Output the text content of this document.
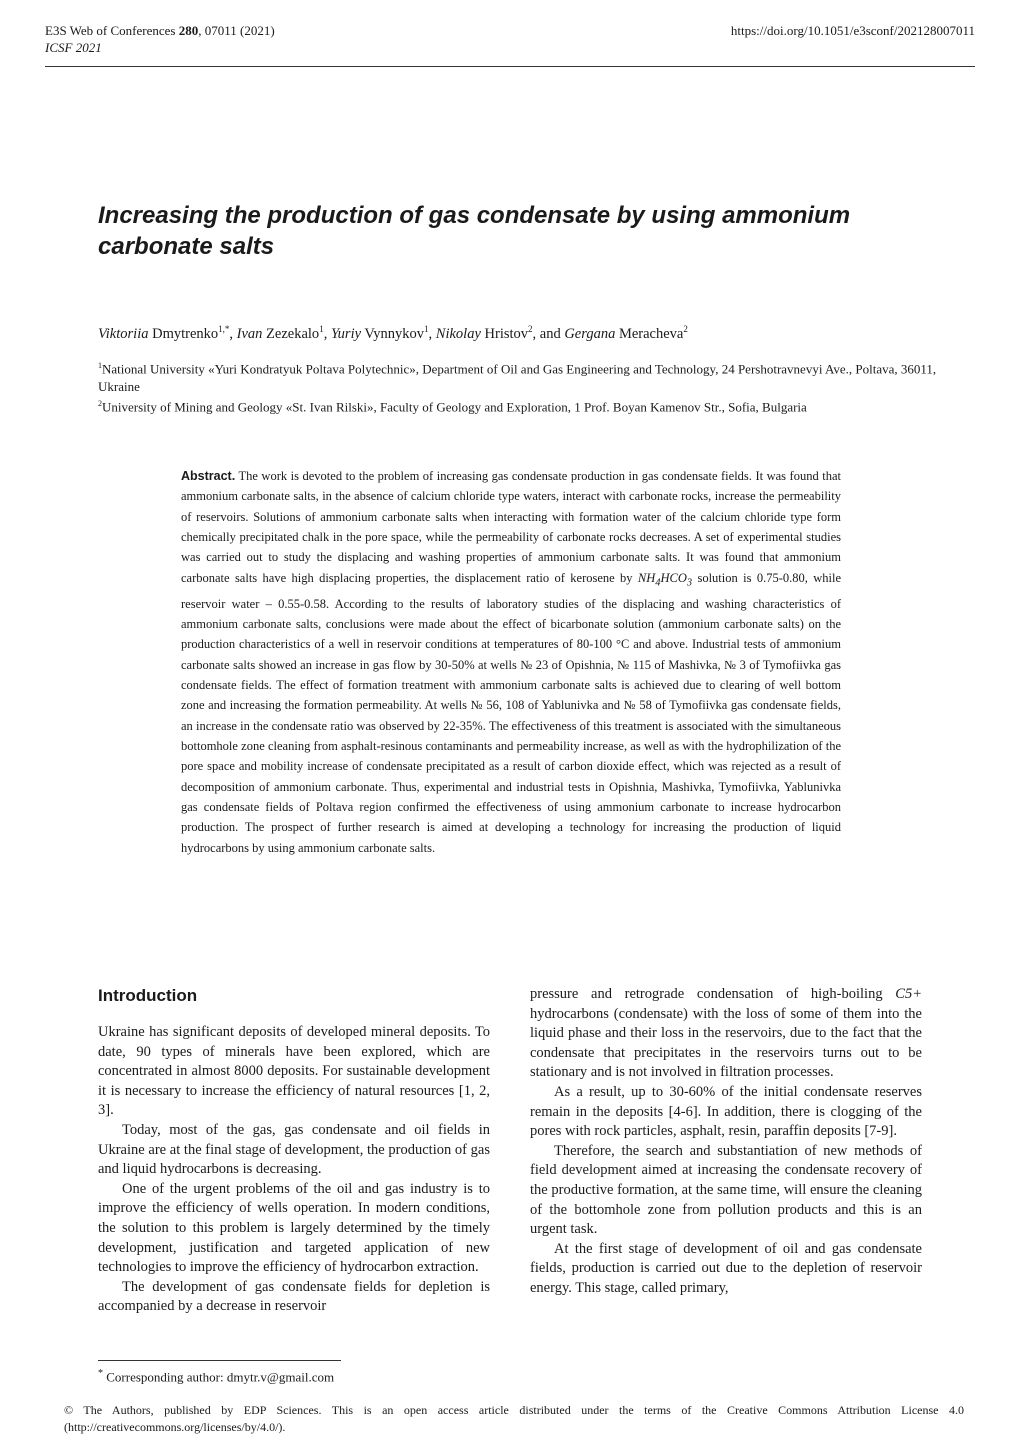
E3S Web of Conferences 280, 07011 (2021)	https://doi.org/10.1051/e3sconf/202128007011
ICSF 2021
Increasing the production of gas condensate by using ammonium carbonate salts
Viktoriia Dmytrenko$^{1,*}$, Ivan Zezekalo$^1$, Yuriy Vynnykov$^1$, Nikolay Hristov$^2$, and Gergana Meracheva$^2$
$^1$National University «Yuri Kondratyuk Poltava Polytechnic», Department of Oil and Gas Engineering and Technology, 24 Pershotravnevyi Ave., Poltava, 36011, Ukraine
$^2$University of Mining and Geology «St. Ivan Rilski», Faculty of Geology and Exploration, 1 Prof. Boyan Kamenov Str., Sofia, Bulgaria
Abstract. The work is devoted to the problem of increasing gas condensate production in gas condensate fields. It was found that ammonium carbonate salts, in the absence of calcium chloride type waters, interact with carbonate rocks, increase the permeability of reservoirs. Solutions of ammonium carbonate salts when interacting with formation water of the calcium chloride type form chemically precipitated chalk in the pore space, while the permeability of carbonate rocks decreases. A set of experimental studies was carried out to study the displacing and washing properties of ammonium carbonate salts. It was found that ammonium carbonate salts have high displacing properties, the displacement ratio of kerosene by $NH_4HCO_3$ solution is 0.75-0.80, while reservoir water – 0.55-0.58. According to the results of laboratory studies of the displacing and washing characteristics of ammonium carbonate salts, conclusions were made about the effect of bicarbonate solution (ammonium carbonate salts) on the production characteristics of a well in reservoir conditions at temperatures of 80-100 °C and above. Industrial tests of ammonium carbonate salts showed an increase in gas flow by 30-50% at wells № 23 of Opishnia, № 115 of Mashivka, № 3 of Tymofiivka gas condensate fields. The effect of formation treatment with ammonium carbonate salts is achieved due to clearing of well bottom zone and increasing the formation permeability. At wells № 56, 108 of Yablunivka and № 58 of Tymofiivka gas condensate fields, an increase in the condensate ratio was observed by 22-35%. The effectiveness of this treatment is associated with the simultaneous bottomhole zone cleaning from asphalt-resinous contaminants and permeability increase, as well as with the hydrophilization of the pore space and mobility increase of condensate precipitated as a result of carbon dioxide effect, which was rejected as a result of decomposition of ammonium carbonate. Thus, experimental and industrial tests in Opishnia, Mashivka, Tymofiivka, Yablunivka gas condensate fields of Poltava region confirmed the effectiveness of using ammonium carbonate to increase hydrocarbon production. The prospect of further research is aimed at developing a technology for increasing the production of liquid hydrocarbons by using ammonium carbonate salts.
Introduction

Ukraine has significant deposits of developed mineral deposits. To date, 90 types of minerals have been explored, which are concentrated in almost 8000 deposits. For sustainable development it is necessary to increase the efficiency of natural resources [1, 2, 3].

Today, most of the gas, gas condensate and oil fields in Ukraine are at the final stage of development, the production of gas and liquid hydrocarbons is decreasing.

One of the urgent problems of the oil and gas industry is to improve the efficiency of wells operation. In modern conditions, the solution to this problem is largely determined by the timely development, justification and targeted application of new technologies to improve the efficiency of hydrocarbon extraction.

The development of gas condensate fields for depletion is accompanied by a decrease in reservoir

pressure and retrograde condensation of high-boiling C5+ hydrocarbons (condensate) with the loss of some of them into the liquid phase and their loss in the reservoirs, due to the fact that the condensate that precipitates in the reservoirs turns out to be stationary and is not involved in filtration processes.

As a result, up to 30-60% of the initial condensate reserves remain in the deposits [4-6]. In addition, there is clogging of the pores with rock particles, asphalt, resin, paraffin deposits [7-9].

Therefore, the search and substantiation of new methods of field development aimed at increasing the condensate recovery of the productive formation, at the same time, will ensure the cleaning of the bottomhole zone from pollution products and this is an urgent task.

At the first stage of development of oil and gas condensate fields, production is carried out due to the depletion of reservoir energy. This stage, called primary,

* Corresponding author: dmytr.v@gmail.com
© The Authors, published by EDP Sciences. This is an open access article distributed under the terms of the Creative Commons Attribution License 4.0 (http://creativecommons.org/licenses/by/4.0/).
